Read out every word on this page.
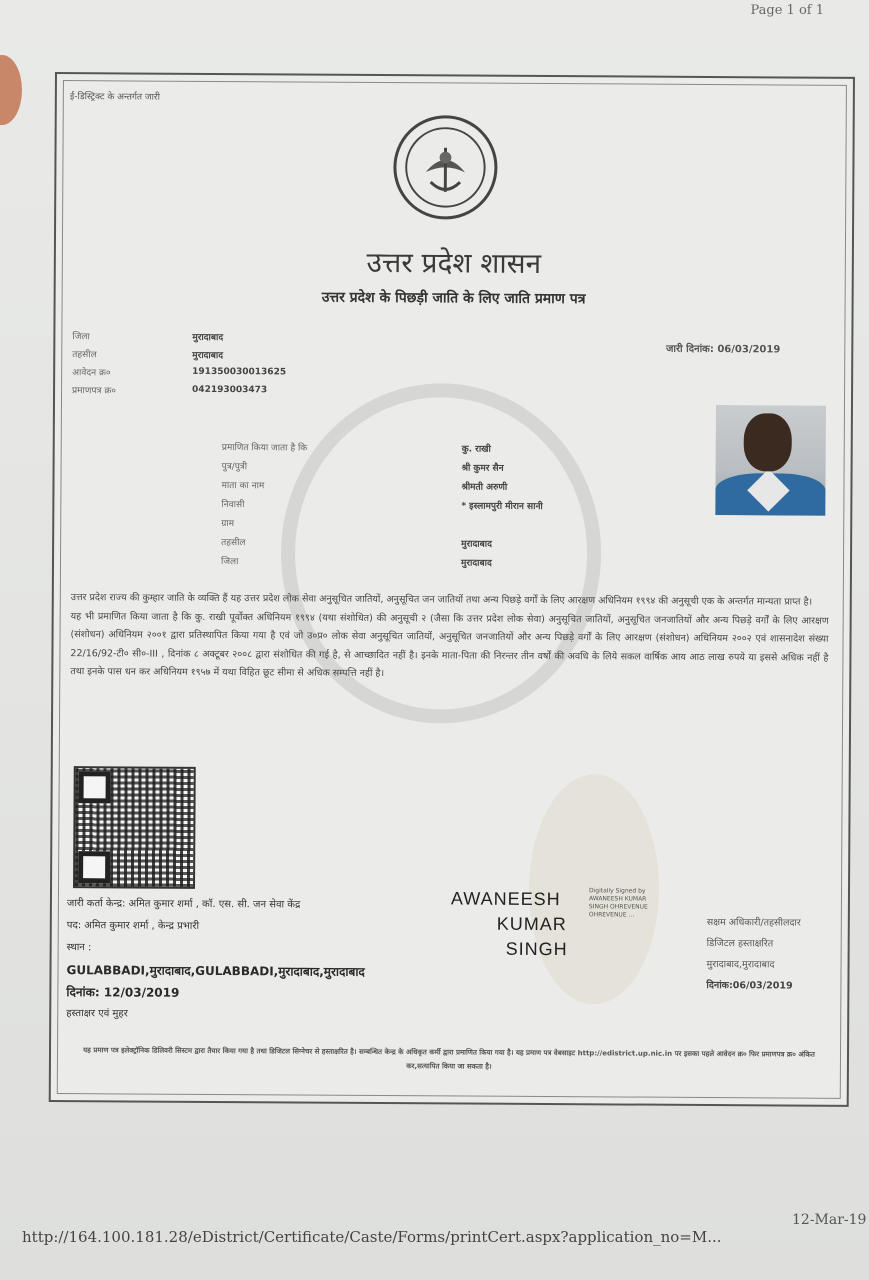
Page 1 of 1
ई-डिस्ट्रिक्ट के अन्तर्गत जारी
उत्तर प्रदेश शासन
उत्तर प्रदेश के पिछड़ी जाति के लिए जाति प्रमाण पत्र
जिला	मुरादाबाद
तहसील	मुरादाबाद
आवेदन क्र०	191350030013625
प्रमाणपत्र क्र०	042193003473
जारी दिनांक: 06/03/2019
प्रमाणित किया जाता है कि	कु. राखी
पुत्र/पुत्री	श्री कुमर सैन
माता का नाम	श्रीमती अरुणी
निवासी	* इस्लामपुरी मीरान सानी
ग्राम
तहसील	मुरादाबाद
जिला	मुरादाबाद

उत्तर प्रदेश राज्य की कुम्हार जाति के व्यक्ति हैं यह उत्तर प्रदेश लोक सेवा अनुसूचित जातियों, अनुसूचित जन जातियों तथा अन्य पिछड़े वर्गों के लिए आरक्षण अधिनियम १९९४ की अनुसूची एक के अन्तर्गत मान्यता प्राप्त है।

यह भी प्रमाणित किया जाता है कि कु. राखी पूर्वोक्त अधिनियम १९९४ (यथा संशोधित) की अनुसूची २ (जैसा कि उत्तर प्रदेश लोक सेवा) अनुसूचित जातियों, अनुसूचित जनजातियों और अन्य पिछड़े वर्गों के लिए आरक्षण (संशोधन) अधिनियम २००१ द्वारा प्रतिस्थापित किया गया है एवं जो उ०प्र० लोक सेवा अनुसूचित जातियों, अनुसूचित जनजातियों और अन्य पिछड़े वर्गों के लिए आरक्षण (संशोधन) अधिनियम २००२ एवं शासनादेश संख्या 22/16/92-टी० सी०-III , दिनांक ८ अक्टूबर २००८ द्वारा संशोधित की गई है, से आच्छादित नहीं है। इनके माता-पिता की निरन्तर तीन वर्षों की अवधि के लिये सकल वार्षिक आय आठ लाख रुपये या इससे अधिक नहीं है तथा इनके पास धन कर अधिनियम १९५७ में यथा विहित छूट सीमा से अधिक सम्पत्ति नहीं है।

जारी कर्ता केन्द्र: अमित कुमार शर्मा , कॉ. एस. सी. जन सेवा केंद्र
पद: अमित कुमार शर्मा , केन्द्र प्रभारी
स्थान :
GULABBADI,मुरादाबाद,GULABBADI,मुरादाबाद,मुरादाबाद
दिनांक: 12/03/2019
हस्ताक्षर एवं मुहर
AWANEESH
KUMAR
SINGH
Digitally Signed by AWANEESH KUMAR
SINGH OHREVENUE
OHREVENUE ...
सक्षम अधिकारी/तहसीलदार
डिजिटल हस्ताक्षरित
मुरादाबाद,मुरादाबाद
दिनांक:06/03/2019
यह प्रमाण पत्र इलेक्ट्रॉनिक डिलिवरी सिस्टम द्वारा तैयार किया गया है तथा डिजिटल सिग्नेचर से हस्ताक्षरित है। सम्बन्धित केन्द्र के अधिकृत कर्मी द्वारा प्रमाणित किया गया है। यह प्रमाण पत्र वेबसाइट http://edistrict.up.nic.in पर इसका पहले आवेदन क्र० फिर प्रमाणपत्र क्र० अंकित कर,सत्यापित किया जा सकता है।
http://164.100.181.28/eDistrict/Certificate/Caste/Forms/printCert.aspx?application_no=M...
12-Mar-19
